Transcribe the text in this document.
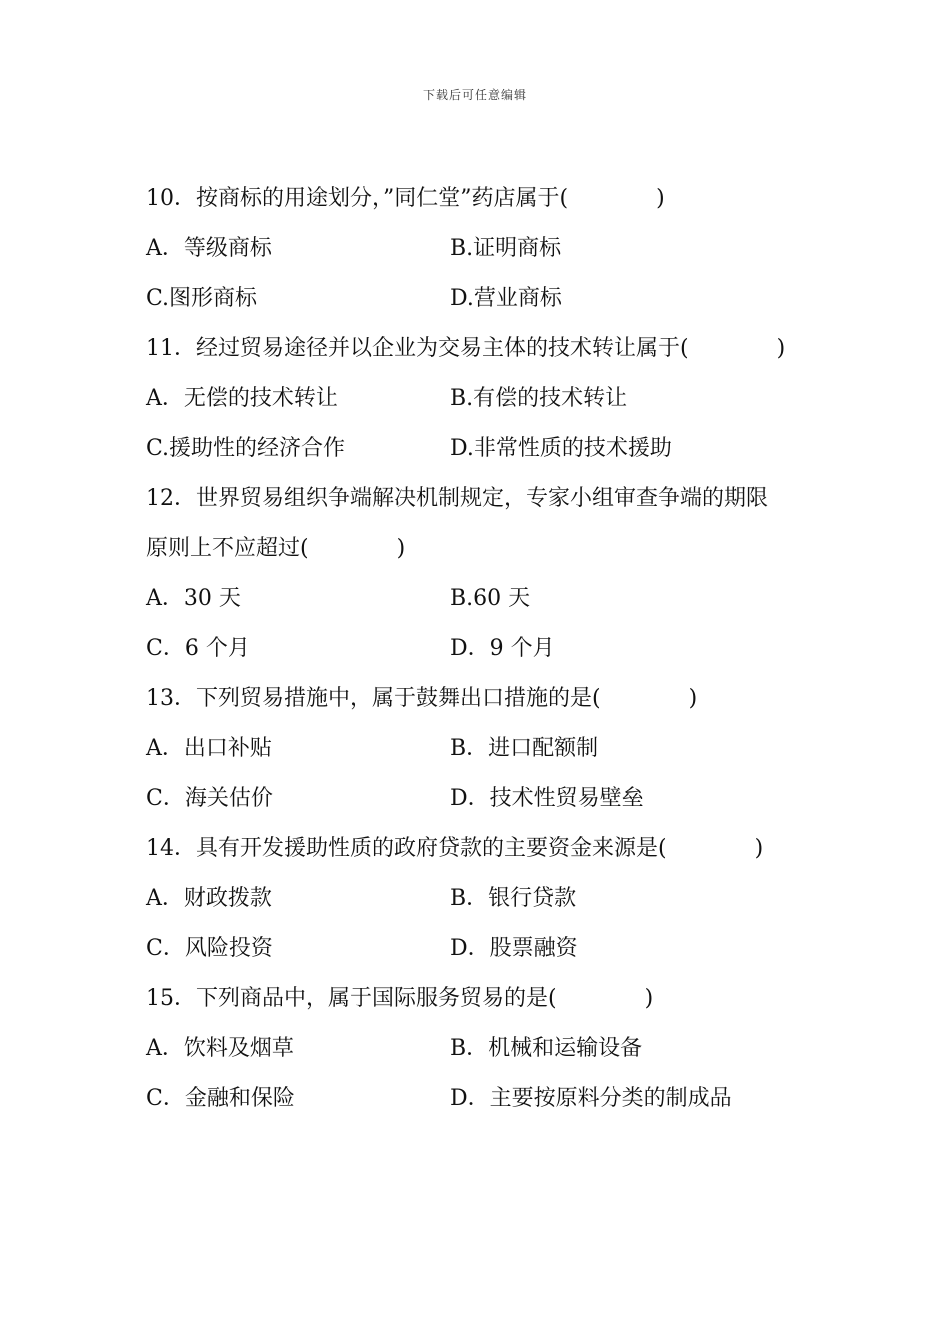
下载后可任意编辑
10．按商标的用途划分，”同仁堂”药店属于(　　　　)
A．等级商标	B.证明商标
C.图形商标	D.营业商标
11．经过贸易途径并以企业为交易主体的技术转让属于(　　　　)
A．无偿的技术转让	B.有偿的技术转让
C.援助性的经济合作	D.非常性质的技术援助
12．世界贸易组织争端解决机制规定，专家小组审查争端的期限
原则上不应超过(　　　　)
A．30 天	B.60 天
C．6 个月	D．9 个月
13．下列贸易措施中，属于鼓舞出口措施的是(　　　　)
A．出口补贴	B．进口配额制
C．海关估价	D．技术性贸易壁垒
14．具有开发援助性质的政府贷款的主要资金来源是(　　　　)
A．财政拨款	B．银行贷款
C．风险投资	D．股票融资
15．下列商品中，属于国际服务贸易的是(　　　　)
A．饮料及烟草	B．机械和运输设备
C．金融和保险	D．主要按原料分类的制成品
